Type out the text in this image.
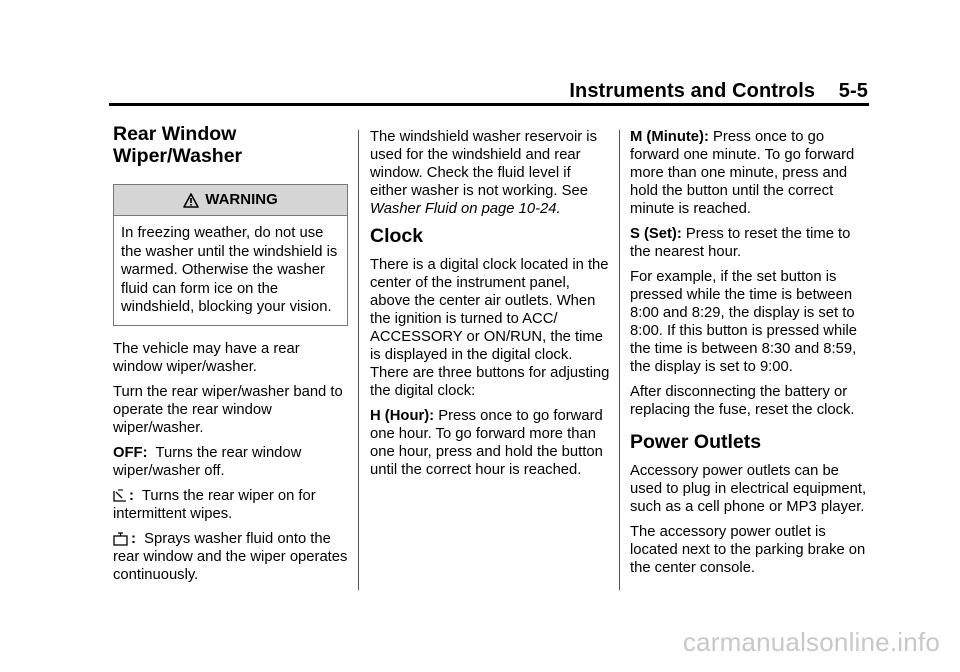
Instruments and Controls 5-5
Rear Window
Wiper/Washer
WARNING
In freezing weather, do not use the washer until the windshield is warmed. Otherwise the washer fluid can form ice on the windshield, blocking your vision.

The vehicle may have a rear window wiper/washer.

Turn the rear wiper/washer band to operate the rear window wiper/washer.

OFF: Turns the rear window wiper/washer off.

: Turns the rear wiper on for intermittent wipes.

: Sprays washer fluid onto the rear window and the wiper operates continuously.

The windshield washer reservoir is used for the windshield and rear window. Check the fluid level if either washer is not working. See Washer Fluid on page 10-24.

Clock

There is a digital clock located in the center of the instrument panel, above the center air outlets. When the ignition is turned to ACC/ ACCESSORY or ON/RUN, the time is displayed in the digital clock. There are three buttons for adjusting the digital clock:

H (Hour): Press once to go forward one hour. To go forward more than one hour, press and hold the button until the correct hour is reached.

M (Minute): Press once to go forward one minute. To go forward more than one minute, press and hold the button until the correct minute is reached.

S (Set): Press to reset the time to the nearest hour.

For example, if the set button is pressed while the time is between 8:00 and 8:29, the display is set to 8:00. If this button is pressed while the time is between 8:30 and 8:59, the display is set to 9:00.

After disconnecting the battery or replacing the fuse, reset the clock.

Power Outlets

Accessory power outlets can be used to plug in electrical equipment, such as a cell phone or MP3 player.

The accessory power outlet is located next to the parking brake on the center console.

carmanualsonline.info
